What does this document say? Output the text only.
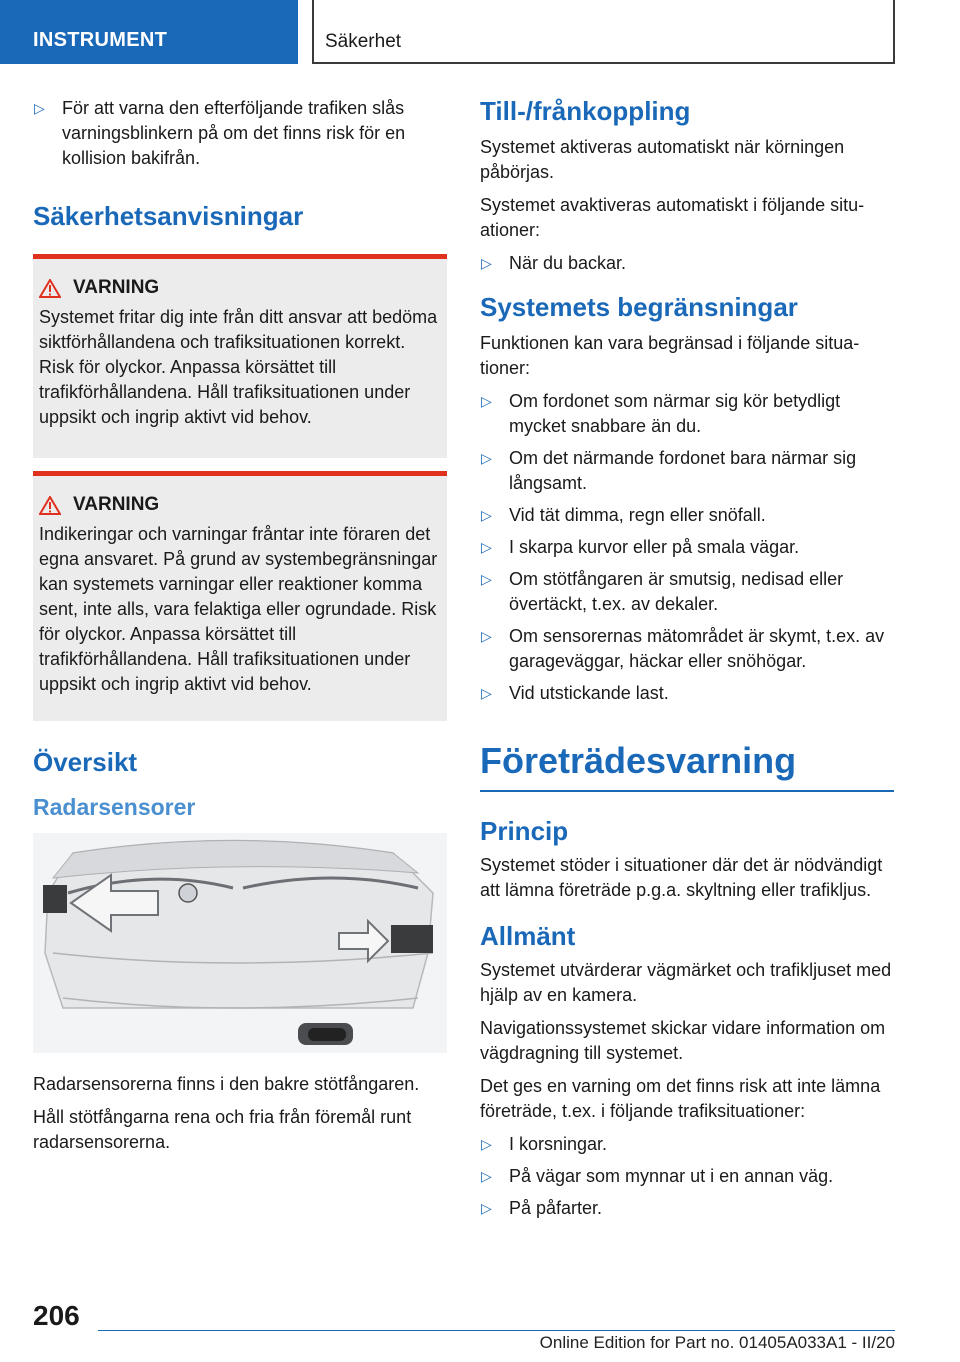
INSTRUMENT	Säkerhet
▷ För att varna den efterföljande trafiken slås varningsblinkern på om det finns risk för en kollision bakifrån.
Säkerhetsanvisningar
VARNING

Systemet fritar dig inte från ditt ansvar att bedöma siktförhållandena och trafiksituationen korrekt. Risk för olyckor. Anpassa körsättet till trafikförhållandena. Håll trafiksituationen under uppsikt och ingrip aktivt vid behov.

VARNING

Indikeringar och varningar fråntar inte föraren det egna ansvaret. På grund av systembegränsningar kan systemets varningar eller reaktioner komma sent, inte alls, vara felaktiga eller ogrundade. Risk för olyckor. Anpassa körsättet till trafikförhållandena. Håll trafiksituationen under uppsikt och ingrip aktivt vid behov.

Översikt
Radarsensorer

Radarsensorerna finns i den bakre stötfångaren.

Håll stötfångarna rena och fria från föremål runt radarsensorerna.

Till-/frånkoppling

Systemet aktiveras automatiskt när körningen påbörjas.

Systemet avaktiveras automatiskt i följande situationer:

▷ När du backar.
Systemets begränsningar

Funktionen kan vara begränsad i följande situationer:

▷ Om fordonet som närmar sig kör betydligt mycket snabbare än du.
▷ Om det närmande fordonet bara närmar sig långsamt.
▷ Vid tät dimma, regn eller snöfall.
▷ I skarpa kurvor eller på smala vägar.
▷ Om stötfångaren är smutsig, nedisad eller övertäckt, t.ex. av dekaler.
▷ Om sensorernas mätområdet är skymt, t.ex. av garageväggar, häckar eller snöhögar.
▷ Vid utstickande last.
Företrädesvarning
Princip

Systemet stöder i situationer där det är nödvändigt att lämna företräde p.g.a. skyltning eller trafikljus.

Allmänt

Systemet utvärderar vägmärket och trafikljuset med hjälp av en kamera.

Navigationssystemet skickar vidare information om vägdragning till systemet.

Det ges en varning om det finns risk att inte lämna företräde, t.ex. i följande trafiksituationer:

▷ I korsningar.
▷ På vägar som mynnar ut i en annan väg.
▷ På påfarter.
206
Online Edition for Part no. 01405A033A1 - II/20
